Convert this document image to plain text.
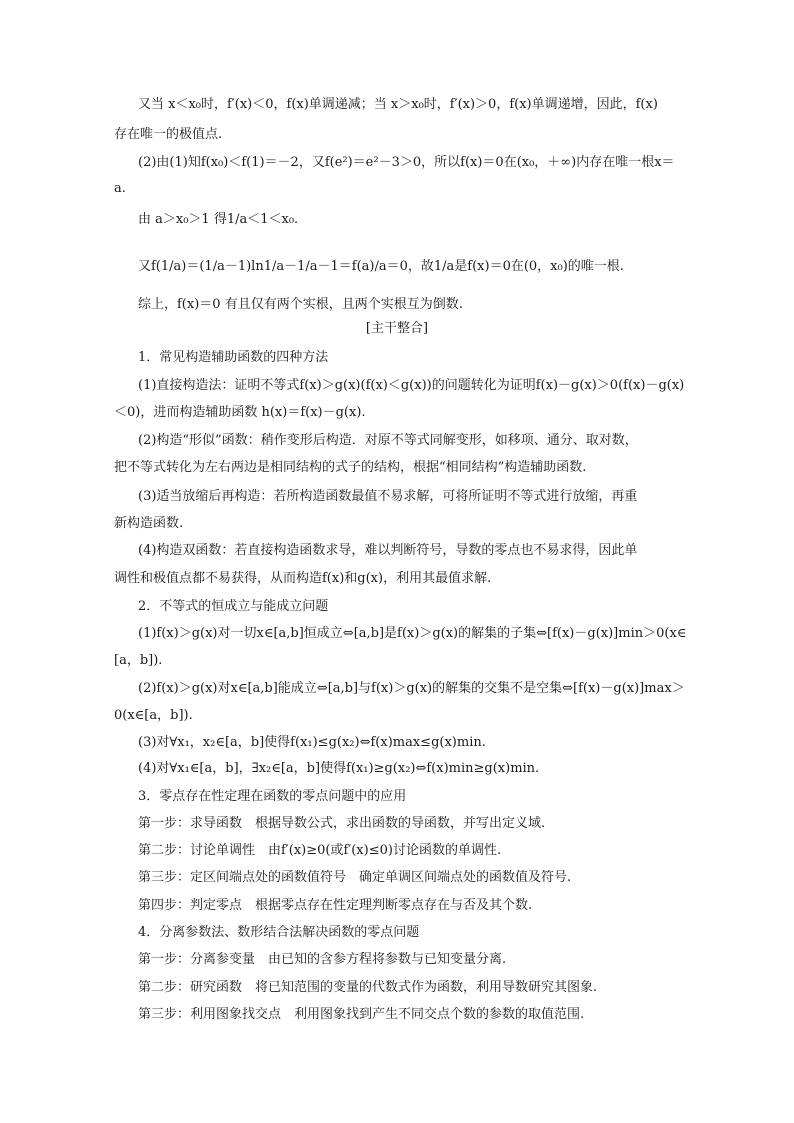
又当 x＜x₀时，f′(x)＜0，f(x)单调递减；当 x＞x₀时，f′(x)＞0，f(x)单调递增，因此，f(x)
存在唯一的极值点.
(2)由(1)知f(x₀)＜f(1)＝－2，又f(e²)＝e²－3＞0，所以f(x)＝0在(x₀，＋∞)内存在唯一根x＝
a.
由 a＞x₀＞1 得1/a＜1＜x₀.
又f(1/a)＝(1/a－1)ln1/a－1/a－1＝f(a)/a＝0，故1/a是f(x)＝0在(0，x₀)的唯一根.
综上，f(x)＝0 有且仅有两个实根，且两个实根互为倒数.
[主干整合]
1．常见构造辅助函数的四种方法
(1)直接构造法：证明不等式f(x)＞g(x)(f(x)＜g(x))的问题转化为证明f(x)－g(x)＞0(f(x)－g(x)
＜0)，进而构造辅助函数 h(x)＝f(x)－g(x).
(2)构造“形似”函数：稍作变形后构造．对原不等式同解变形，如移项、通分、取对数，
把不等式转化为左右两边是相同结构的式子的结构，根据“相同结构”构造辅助函数.
(3)适当放缩后再构造：若所构造函数最值不易求解，可将所证明不等式进行放缩，再重
新构造函数.
(4)构造双函数：若直接构造函数求导，难以判断符号，导数的零点也不易求得，因此单
调性和极值点都不易获得，从而构造f(x)和g(x)，利用其最值求解.
2．不等式的恒成立与能成立问题
(1)f(x)＞g(x)对一切x∈[a,b]恒成立⇔[a,b]是f(x)＞g(x)的解集的子集⇔[f(x)－g(x)]min＞0(x∈
[a，b]).
(2)f(x)＞g(x)对x∈[a,b]能成立⇔[a,b]与f(x)＞g(x)的解集的交集不是空集⇔[f(x)－g(x)]max＞
0(x∈[a，b]).
(3)对∀x₁，x₂∈[a，b]使得f(x₁)≤g(x₂)⇔f(x)max≤g(x)min.
(4)对∀x₁∈[a，b]，∃x₂∈[a，b]使得f(x₁)≥g(x₂)⇔f(x)min≥g(x)min.
3．零点存在性定理在函数的零点问题中的应用
第一步：求导函数　根据导数公式，求出函数的导函数，并写出定义域.
第二步：讨论单调性　由f′(x)≥0(或f′(x)≤0)讨论函数的单调性.
第三步：定区间端点处的函数值符号　确定单调区间端点处的函数值及符号.
第四步：判定零点　根据零点存在性定理判断零点存在与否及其个数.
4．分离参数法、数形结合法解决函数的零点问题
第一步：分离参变量　由已知的含参方程将参数与已知变量分离.
第二步：研究函数　将已知范围的变量的代数式作为函数，利用导数研究其图象.
第三步：利用图象找交点　利用图象找到产生不同交点个数的参数的取值范围.
